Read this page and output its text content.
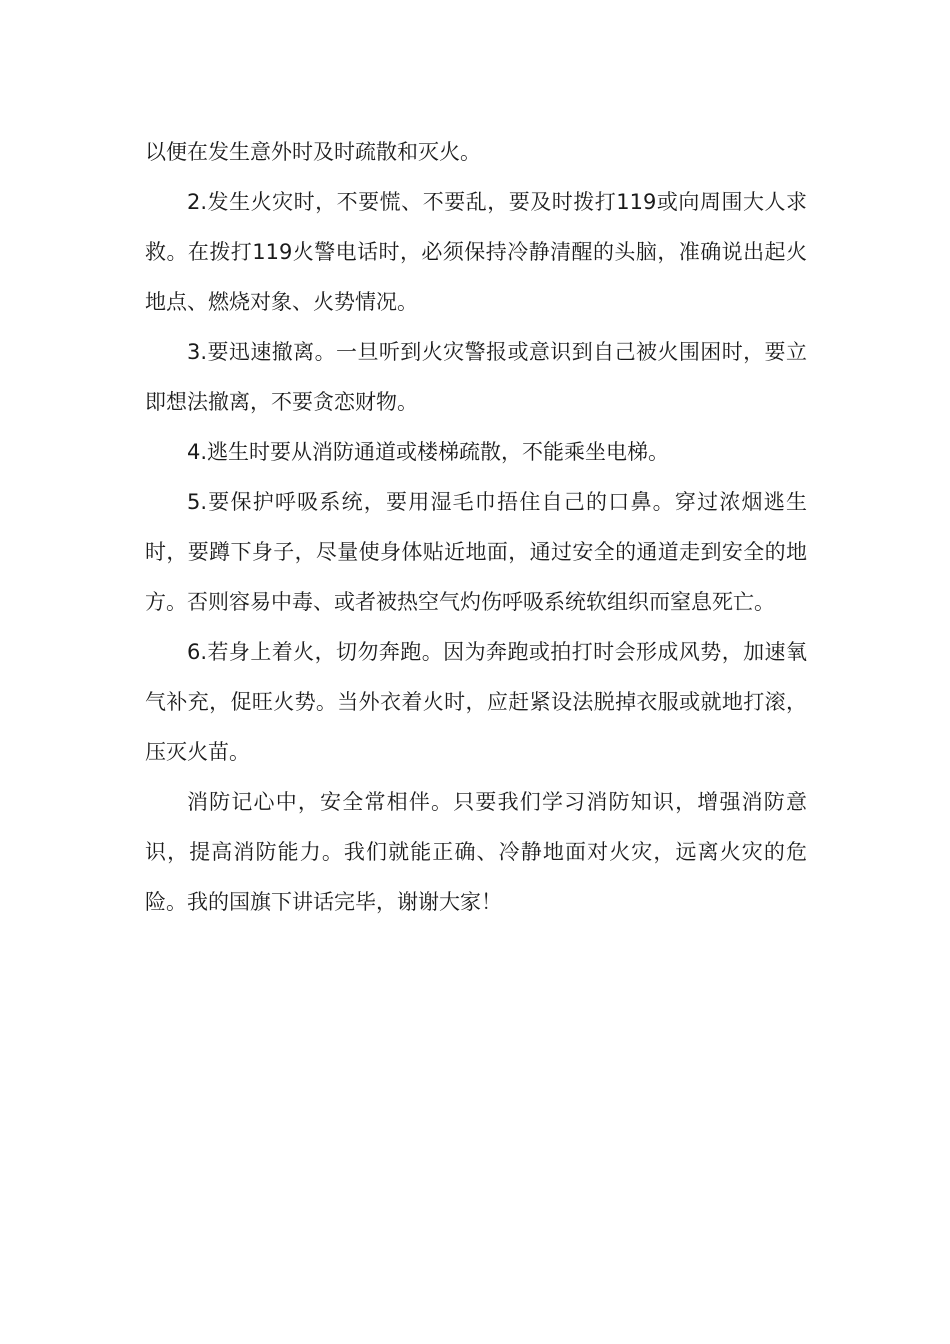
以便在发生意外时及时疏散和灭火。

2.发生火灾时，不要慌、不要乱，要及时拨打119或向周围大人求救。在拨打119火警电话时，必须保持冷静清醒的头脑，准确说出起火地点、燃烧对象、火势情况。

3.要迅速撤离。一旦听到火灾警报或意识到自己被火围困时，要立即想法撤离，不要贪恋财物。

4.逃生时要从消防通道或楼梯疏散，不能乘坐电梯。

5.要保护呼吸系统，要用湿毛巾捂住自己的口鼻。穿过浓烟逃生时，要蹲下身子，尽量使身体贴近地面，通过安全的通道走到安全的地方。否则容易中毒、或者被热空气灼伤呼吸系统软组织而窒息死亡。

6.若身上着火，切勿奔跑。因为奔跑或拍打时会形成风势，加速氧气补充，促旺火势。当外衣着火时，应赶紧设法脱掉衣服或就地打滚，压灭火苗。

消防记心中，安全常相伴。只要我们学习消防知识，增强消防意识，提高消防能力。我们就能正确、冷静地面对火灾，远离火灾的危险。我的国旗下讲话完毕，谢谢大家！
